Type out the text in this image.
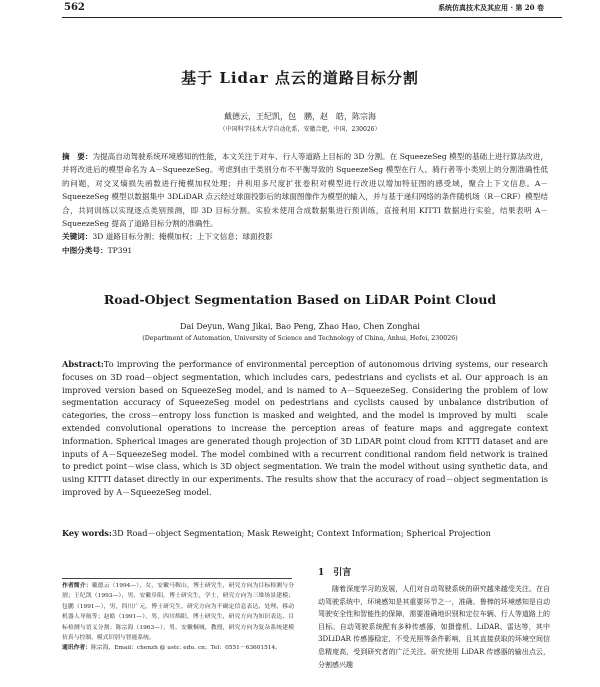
562	系统仿真技术及其应用 · 第 20 卷
基于 Lidar 点云的道路目标分割
戴德云，王纪凯，包　鹏，赵　皓，陈宗海
（中国科学技术大学自动化系，安徽合肥，中国，230026）
摘　要：为提高自动驾驶系统环境感知的性能，本文关注于对车、行人等道路上目标的 3D 分割。在 SqueezeSeg 模型的基础上进行算法改进，并将改进后的模型命名为 A－SqueezeSeg。考虑到由于类别分布不平衡导致的 SqueezeSeg 模型在行人、骑行者等小类别上的分割准确性低的问题，对交叉熵损失函数进行掩模加权处理；并利用多尺度扩张卷积对模型进行改进以增加特征图的感受域，聚合上下文信息。A－SqueezeSeg 模型以数据集中 3DLiDAR 点云经过球面投影后的球面图像作为模型的输入，并与基于递归网络的条件随机场（R－CRF）模型结合，共同训练以实现逐点类别预测，即 3D 目标分割。实验未使用合成数据集进行预训练，直接利用 KITTI 数据进行实验，结果表明 A－SqueezeSeg 提高了道路目标分割的准确性。
关键词：3D 道路目标分割；掩模加权；上下文信息；球面投影
中图分类号：TP391
Road-Object Segmentation Based on LiDAR Point Cloud
Dai Deyun, Wang Jikai, Bao Peng, Zhao Hao, Chen Zonghai
(Department of Automation, University of Science and Technology of China, Anhui, Hefei, 230026)
Abstract:To improving the performance of environmental perception of autonomous driving systems, our research focuses on 3D road－object segmentation, which includes cars, pedestrians and cyclists et al. Our approach is an improved version based on SqueezeSeg model, and is named to A－SqueezeSeg. Considering the problem of low segmentation accuracy of SqueezeSeg model on pedestrians and cyclists caused by unbalance distribution of categories, the cross－entropy loss function is masked and weighted, and the model is improved by multi　scale extended convolutional operations to increase the perception areas of feature maps and aggregate context information. Spherical images are generated though projection of 3D LiDAR point cloud from KITTI dataset and are inputs of A－SqueezeSeg model. The model combined with a recurrent conditional random field network is trained to predict point－wise class, which is 3D object segmentation. We train the model without using synthetic data, and using KITTI dataset directly in our experiments. The results show that the accuracy of road－object segmentation is improved by A－SqueezeSeg model.
Key words:3D Road－object Segmentation; Mask Reweight; Context Information; Spherical Projection
作者简介：戴德云（1994—），女，安徽马鞍山，博士研究生，研究方向为目标检测与分割；王纪凯（1993—），男，安徽阜阳，博士研究生，学士，研究方向为三维场景建模；包鹏（1991—），男，四川广元，博士研究生，研究方向为不确定信息表达、处理、移动机器人导航等；赵皓（1991—），男，四川绵阳，博士研究生，研究方向为知识表达、目标检测与语义分割；陈宗海（1963—），男，安徽桐城，教授，研究方向为复杂系统建模仿真与控制、模式识别与智能系统。
通讯作者：陈宗海，Email：chenzh @ ustc. edu. cn；Tel：0551－63601514。
1　引言
随着深度学习的发展，人们对自动驾驶系统的研究越来越受关注。在自动驾驶系统中，环境感知是其重要环节之一，准确、鲁棒的环境感知是自动驾驶安全性和智能性的保障，需要准确地识别和定位车辆、行人等道路上的目标。自动驾驶系统配有多种传感器，如摄像机、LiDAR、雷达等，其中 3DLiDAR 传感器稳定，不受光照等条件影响，且其直接获取的环境空间信息精度高，受到研究者的广泛关注。研究使用 LiDAR 传感器的输出点云，分割感兴趣
